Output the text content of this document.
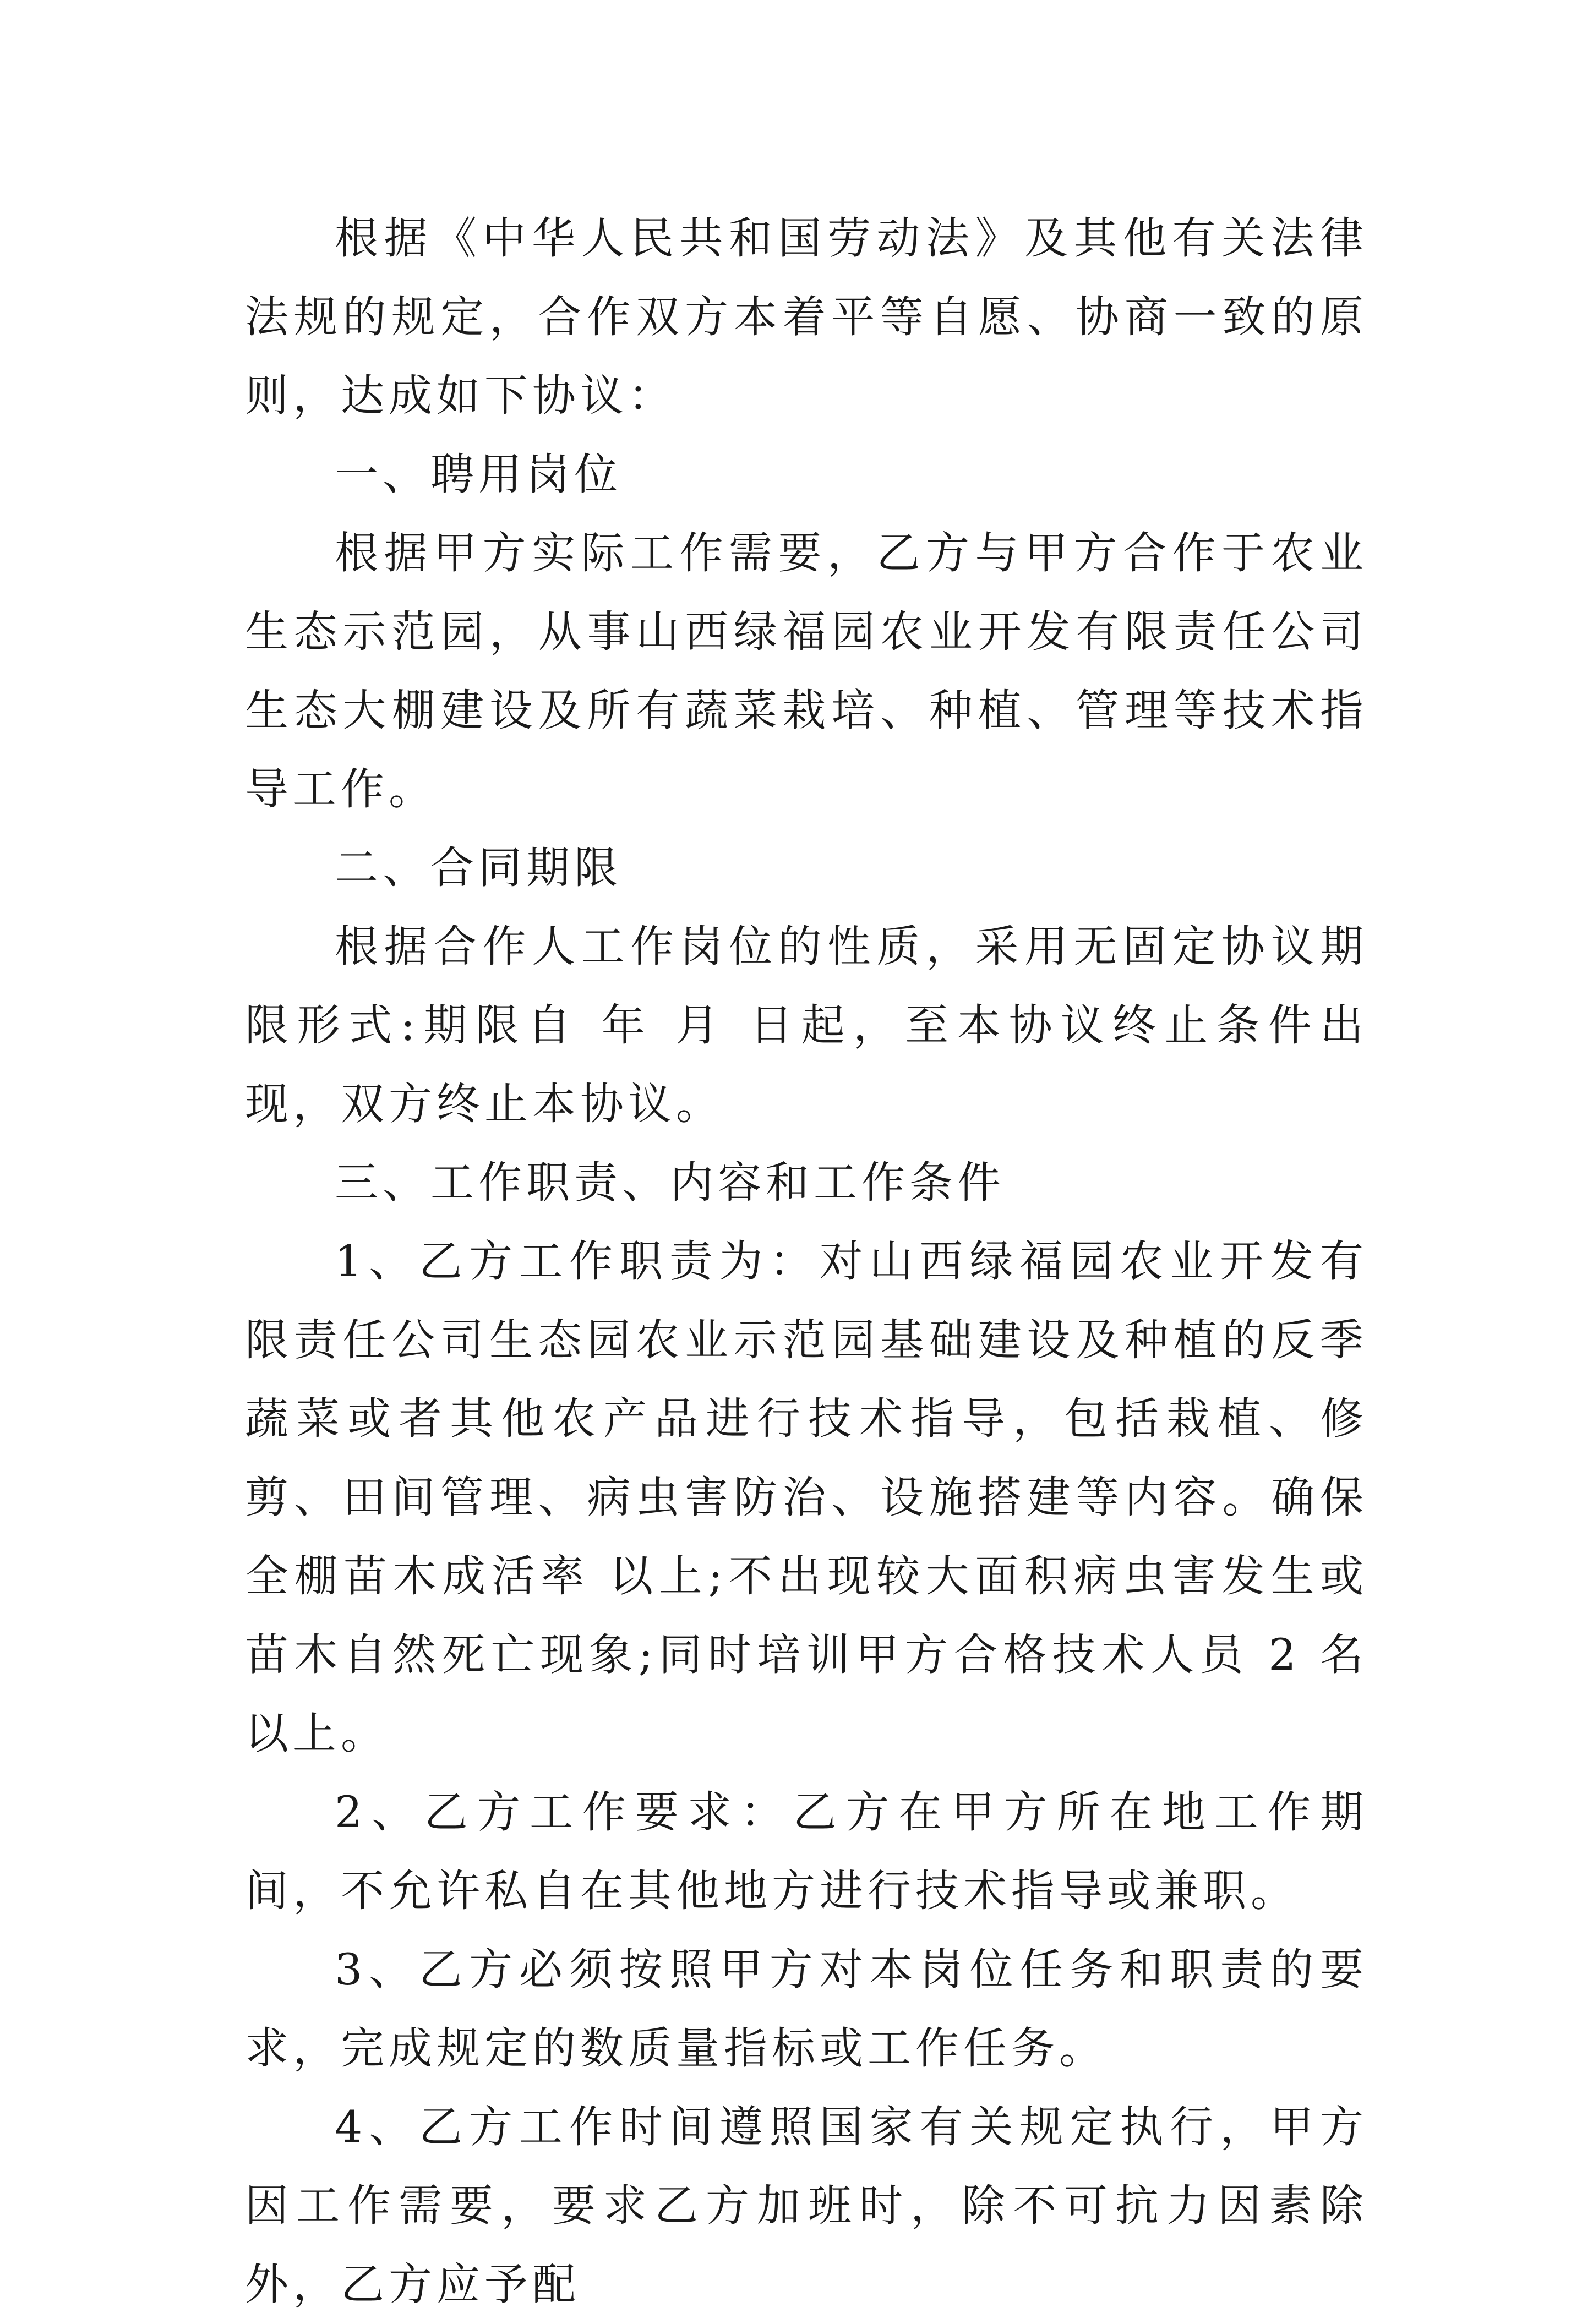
根据《中华人民共和国劳动法》及其他有关法律法规的规定，合作双方本着平等自愿、协商一致的原则，达成如下协议：

一、聘用岗位

根据甲方实际工作需要，乙方与甲方合作于农业生态示范园，从事山西绿福园农业开发有限责任公司生态大棚建设及所有蔬菜栽培、种植、管理等技术指导工作。

二、合同期限

根据合作人工作岗位的性质，采用无固定协议期限形式:期限自 年 月 日起，至本协议终止条件出现，双方终止本协议。

三、工作职责、内容和工作条件

1、乙方工作职责为：对山西绿福园农业开发有限责任公司生态园农业示范园基础建设及种植的反季蔬菜或者其他农产品进行技术指导，包括栽植、修剪、田间管理、病虫害防治、设施搭建等内容。确保全棚苗木成活率 以上;不出现较大面积病虫害发生或苗木自然死亡现象;同时培训甲方合格技术人员 2 名以上。

2、乙方工作要求：乙方在甲方所在地工作期间，不允许私自在其他地方进行技术指导或兼职。

3、乙方必须按照甲方对本岗位任务和职责的要求，完成规定的数质量指标或工作任务。

4、乙方工作时间遵照国家有关规定执行，甲方因工作需要，要求乙方加班时，除不可抗力因素除外，乙方应予配
